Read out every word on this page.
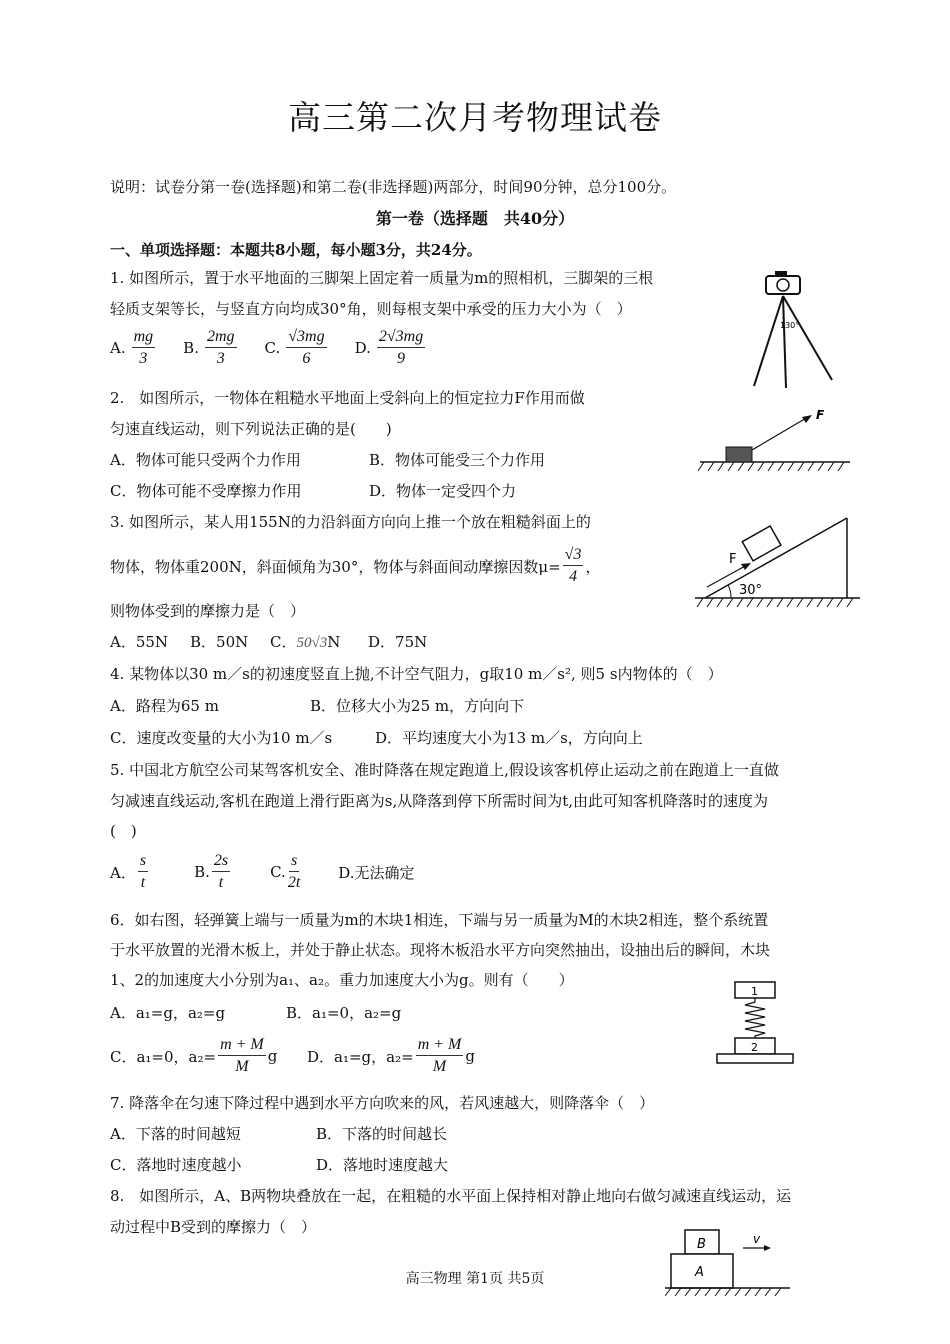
高三第二次月考物理试卷
说明：试卷分第一卷(选择题)和第二卷(非选择题)两部分，时间90分钟，总分100分。
第一卷（选择题　共40分）
一、单项选择题：本题共8小题，每小题3分，共24分。
1. 如图所示，置于水平地面的三脚架上固定着一质量为m的照相机，三脚架的三根
轻质支架等长，与竖直方向均成30°角，则每根支架中承受的压力大小为（　）
A. $\frac{mg}{3} B$. $\frac{2mg}{3} C$. $\frac{√3mg}{6} D$. $\frac{2√3mg}{9}$
130°
2.　如图所示，一物体在粗糙水平地面上受斜向上的恒定拉力F作用而做
匀速直线运动，则下列说法正确的是(　　)
A．物体可能只受两个力作用	B．物体可能受三个力作用
C．物体可能不受摩擦力作用	D．物体一定受四个力
F
3. 如图所示，某人用155N的力沿斜面方向向上推一个放在粗糙斜面上的
物体，物体重200N，斜面倾角为30°，物体与斜面间动摩擦因数$\mu= \frac{√3}{4}$ ，
则物体受到的摩擦力是（　）
A．55N B．50N C．50√3N D．75N
F
30°
4. 某物体以30 m／s的初速度竖直上抛,不计空气阻力，g取10 m／s², 则5 s内物体的（　）
A．路程为65 m	B．位移大小为25 m，方向向下
C．速度改变量的大小为10 m／s	D．平均速度大小为13 m／s，方向向上
5. 中国北方航空公司某驾客机安全、准时降落在规定跑道上,假设该客机停止运动之前在跑道上一直做
匀减速直线运动,客机在跑道上滑行距离为s,从降落到停下所需时间为t,由此可知客机降落时的速度为
(　)
A． $\frac{s}{t}$	B. $\frac{2s}{t}$	C. $\frac{s}{2t}$	D.无法确定
6．如右图，轻弹簧上端与一质量为m的木块1相连，下端与另一质量为M的木块2相连，整个系统置
于水平放置的光滑木板上，并处于静止状态。现将木板沿水平方向突然抽出，设抽出后的瞬间，木块
1、2的加速度大小分别为a₁、a₂。重力加速度大小为g。则有（　　）
A．a₁=g，a₂=g	B．a₁=0，a₂=g
C．a₁=0，$a_2= \frac{m + M}{M}$ g D．a₁=g，$a_2= \frac{m + M}{M}$ g
1
2
7. 降落伞在匀速下降过程中遇到水平方向吹来的风，若风速越大，则降落伞（　）
A．下落的时间越短	B．下落的时间越长
C．落地时速度越小	D．落地时速度越大
8.　如图所示，A、B两物块叠放在一起，在粗糙的水平面上保持相对静止地向右做匀减速直线运动，运
动过程中B受到的摩擦力（　）
B
A
v
高三物理 第1页 共5页
